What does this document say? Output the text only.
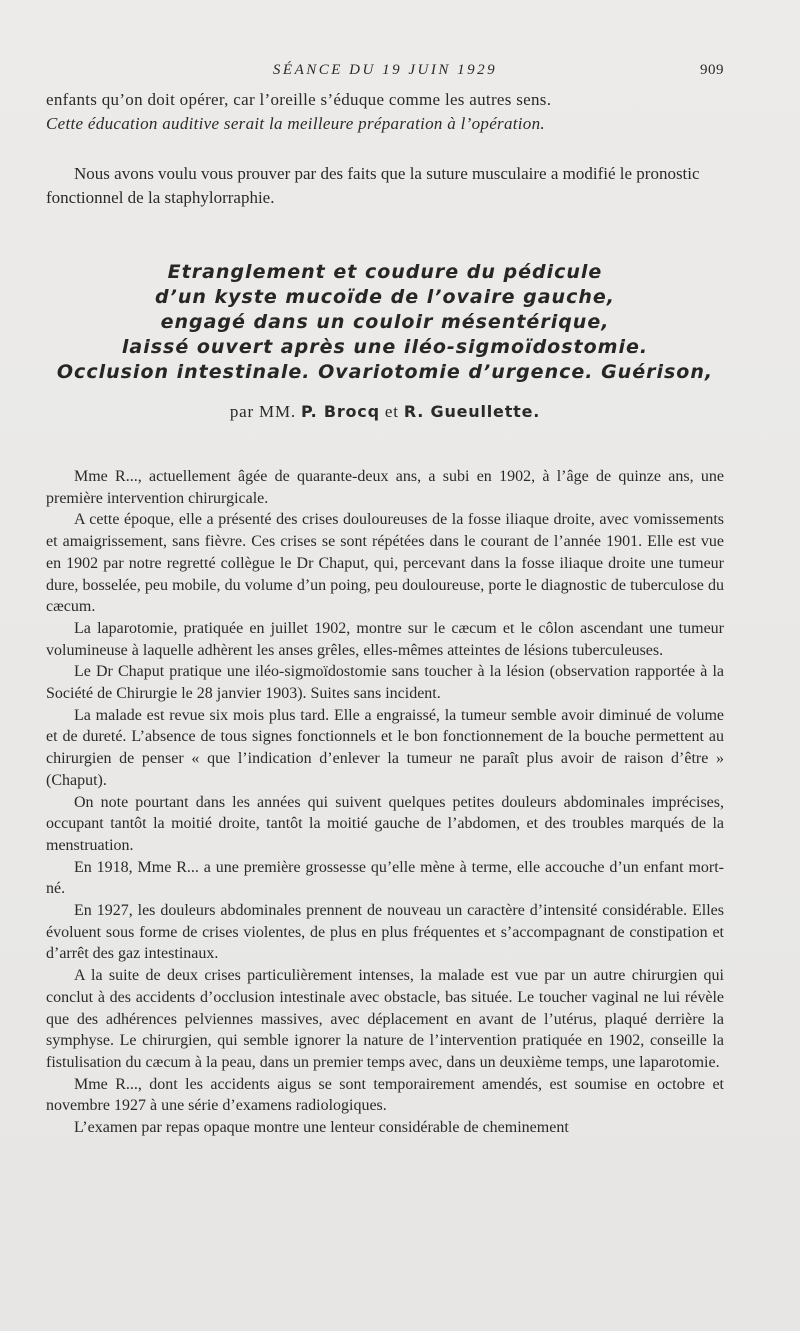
SÉANCE DU 19 JUIN 1929	909
enfants qu’on doit opérer, car l’oreille s’éduque comme les autres sens.
Cette éducation auditive serait la meilleure préparation à l’opération.
Nous avons voulu vous prouver par des faits que la suture musculaire a modifié le pronostic fonctionnel de la staphylorraphie.
Etranglement et coudure du pédicule
d’un kyste mucoïde de l’ovaire gauche,
engagé dans un couloir mésentérique,
laissé ouvert après une iléo-sigmoïdostomie.
Occlusion intestinale. Ovariotomie d’urgence. Guérison,
par MM. P. Brocq et R. Gueullette.

Mme R..., actuellement âgée de quarante-deux ans, a subi en 1902, à l’âge de quinze ans, une première intervention chirurgicale.

A cette époque, elle a présenté des crises douloureuses de la fosse iliaque droite, avec vomissements et amaigrissement, sans fièvre. Ces crises se sont répétées dans le courant de l’année 1901. Elle est vue en 1902 par notre regretté collègue le Dr Chaput, qui, percevant dans la fosse iliaque droite une tumeur dure, bosselée, peu mobile, du volume d’un poing, peu douloureuse, porte le diagnostic de tuberculose du cæcum.

La laparotomie, pratiquée en juillet 1902, montre sur le cæcum et le côlon ascendant une tumeur volumineuse à laquelle adhèrent les anses grêles, elles-mêmes atteintes de lésions tuberculeuses.

Le Dr Chaput pratique une iléo-sigmoïdostomie sans toucher à la lésion (observation rapportée à la Société de Chirurgie le 28 janvier 1903). Suites sans incident.

La malade est revue six mois plus tard. Elle a engraissé, la tumeur semble avoir diminué de volume et de dureté. L’absence de tous signes fonctionnels et le bon fonctionnement de la bouche permettent au chirurgien de penser « que l’indication d’enlever la tumeur ne paraît plus avoir de raison d’être » (Chaput).

On note pourtant dans les années qui suivent quelques petites douleurs abdominales imprécises, occupant tantôt la moitié droite, tantôt la moitié gauche de l’abdomen, et des troubles marqués de la menstruation.

En 1918, Mme R... a une première grossesse qu’elle mène à terme, elle accouche d’un enfant mort-né.

En 1927, les douleurs abdominales prennent de nouveau un caractère d’intensité considérable. Elles évoluent sous forme de crises violentes, de plus en plus fréquentes et s’accompagnant de constipation et d’arrêt des gaz intestinaux.

A la suite de deux crises particulièrement intenses, la malade est vue par un autre chirurgien qui conclut à des accidents d’occlusion intestinale avec obstacle, bas située. Le toucher vaginal ne lui révèle que des adhérences pelviennes massives, avec déplacement en avant de l’utérus, plaqué derrière la symphyse. Le chirurgien, qui semble ignorer la nature de l’intervention pratiquée en 1902, conseille la fistulisation du cæcum à la peau, dans un premier temps avec, dans un deuxième temps, une laparotomie.

Mme R..., dont les accidents aigus se sont temporairement amendés, est soumise en octobre et novembre 1927 à une série d’examens radiologiques.

L’examen par repas opaque montre une lenteur considérable de cheminement
